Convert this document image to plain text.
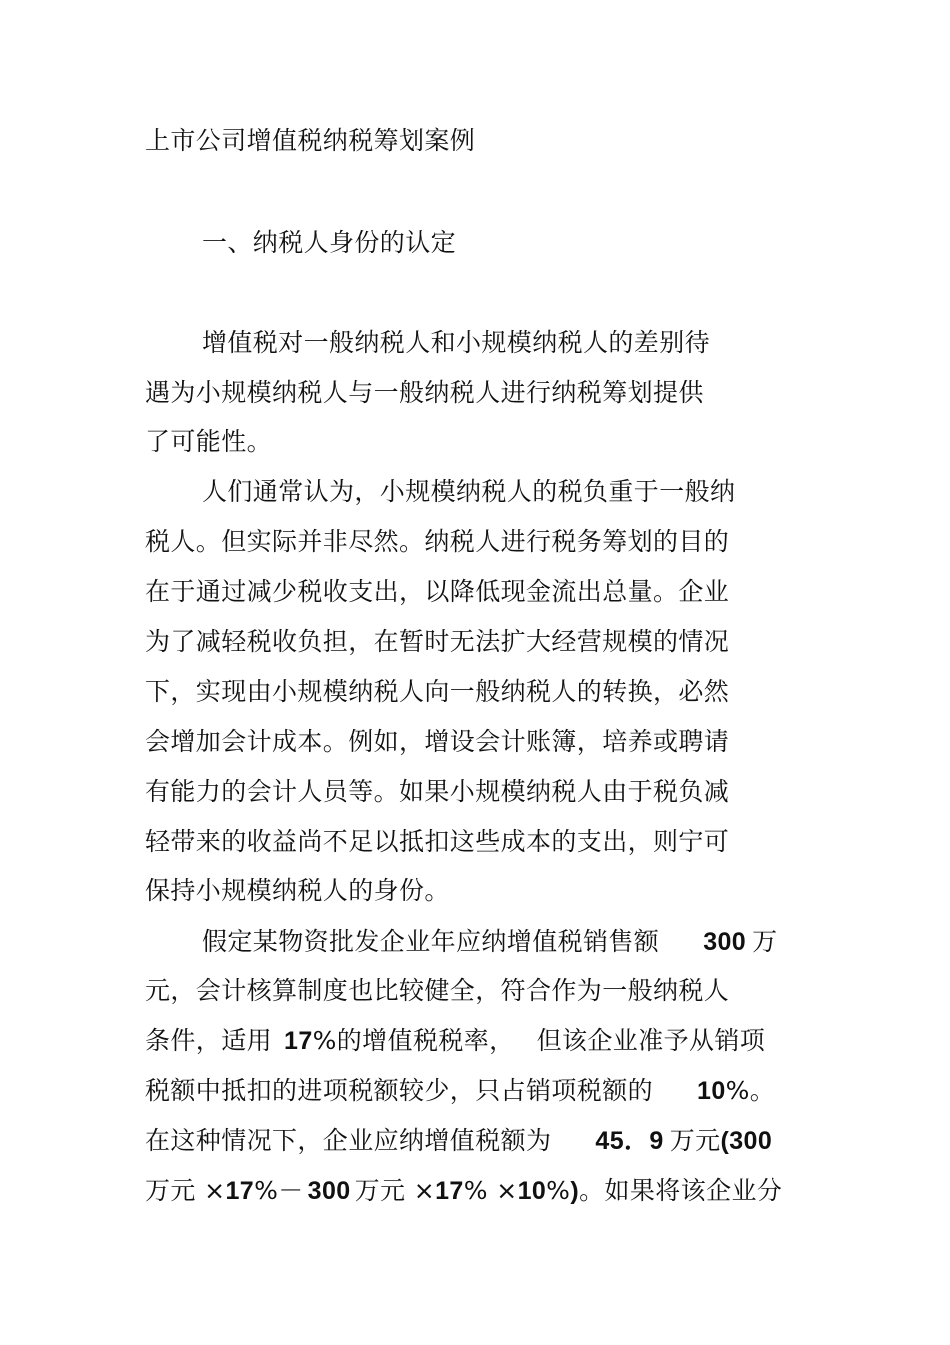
上市公司增值税纳税筹划案例
一、纳税人身份的认定
增值税对一般纳税人和小规模纳税人的差别待
遇为小规模纳税人与一般纳税人进行纳税筹划提供
了可能性。
人们通常认为，小规模纳税人的税负重于一般纳
税人。但实际并非尽然。纳税人进行税务筹划的目的
在于通过减少税收支出，以降低现金流出总量。企业
为了减轻税收负担，在暂时无法扩大经营规模的情况
下，实现由小规模纳税人向一般纳税人的转换，必然
会增加会计成本。例如，增设会计账簿，培养或聘请
有能力的会计人员等。如果小规模纳税人由于税负减
轻带来的收益尚不足以抵扣这些成本的支出，则宁可
保持小规模纳税人的身份。
假定某物资批发企业年应纳增值税销售额 300 万
元，会计核算制度也比较健全，符合作为一般纳税人
条件，适用 17%的增值税税率， 但该企业准予从销项
税额中抵扣的进项税额较少，只占销项税额的 10%。
在这种情况下，企业应纳增值税额为 45．9 万元(300
万元 ×17%－ 300 万元 ×17% ×10%)。如果将该企业分
